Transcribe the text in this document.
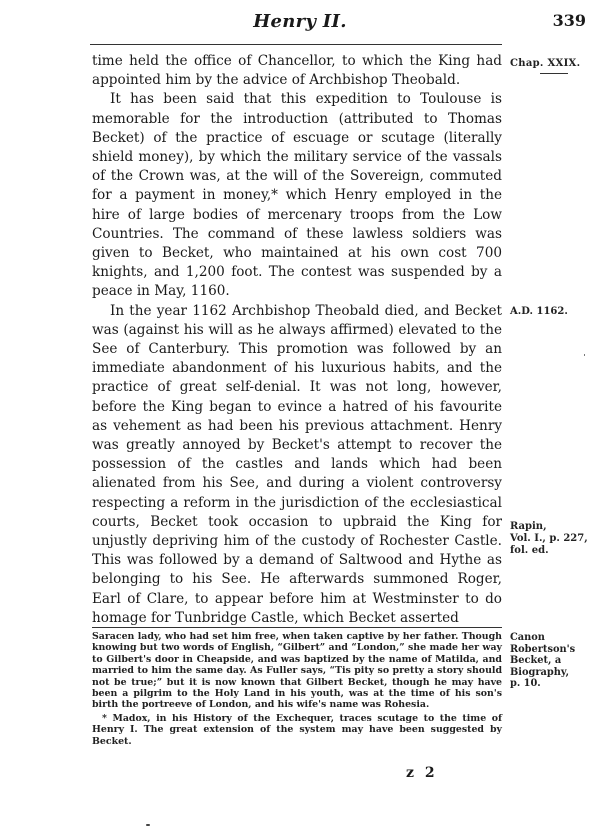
Henry II.	339
Chap. XXIX.
A.D. 1162.
Rapin,
Vol. I., p. 227,
fol. ed.

time held the office of Chancellor, to which the King had appointed him by the advice of Archbishop Theobald.

It has been said that this expedition to Toulouse is memorable for the introduction (attributed to Thomas Becket) of the practice of escuage or scutage (literally shield money), by which the military service of the vassals of the Crown was, at the will of the Sovereign, commuted for a payment in money,* which Henry employed in the hire of large bodies of mercenary troops from the Low Countries. The command of these lawless soldiers was given to Becket, who maintained at his own cost 700 knights, and 1,200 foot. The contest was suspended by a peace in May, 1160.

In the year 1162 Archbishop Theobald died, and Becket was (against his will as he always affirmed) elevated to the See of Canterbury. This promotion was followed by an immediate abandonment of his luxurious habits, and the practice of great self-denial. It was not long, however, before the King began to evince a hatred of his favourite as vehement as had been his previous attachment. Henry was greatly annoyed by Becket's attempt to recover the possession of the castles and lands which had been alienated from his See, and during a violent controversy respecting a reform in the jurisdiction of the ecclesiastical courts, Becket took occasion to upbraid the King for unjustly depriving him of the custody of Rochester Castle. This was followed by a demand of Saltwood and Hythe as belonging to his See. He afterwards summoned Roger, Earl of Clare, to appear before him at Westminster to do homage for Tunbridge Castle, which Becket asserted

Saracen lady, who had set him free, when taken captive by her father. Though knowing but two words of English, “Gilbert” and “London,” she made her way to Gilbert's door in Cheapside, and was baptized by the name of Matilda, and married to him the same day. As Fuller says, “Tis pity so pretty a story should not be true;” but it is now known that Gilbert Becket, though he may have been a pilgrim to the Holy Land in his youth, was at the time of his son's birth the portreeve of London, and his wife's name was Rohesia.

* Madox, in his History of the Exchequer, traces scutage to the time of Henry I. The great extension of the system may have been suggested by Becket.

Canon
Robertson's
Becket, a
Biography,
p. 10.
z 2
